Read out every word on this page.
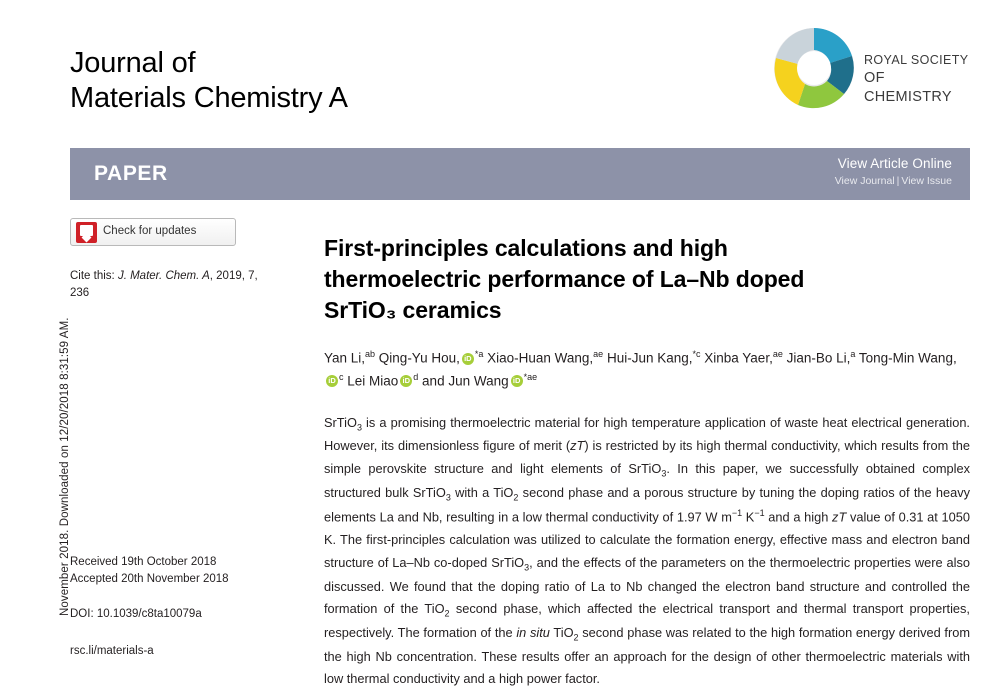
November 2018. Downloaded on 12/20/2018 8:31:59 AM.
Journal of
Materials Chemistry A
ROYAL SOCIETY
OF CHEMISTRY
PAPER	View Article Online
View Journal | View Issue
Check for updates
Cite this: J. Mater. Chem. A, 2019, 7,
236
Received 19th October 2018
Accepted 20th November 2018
DOI: 10.1039/c8ta10079a
rsc.li/materials-a
First-principles calculations and high
thermoelectric performance of La–Nb doped
SrTiO₃ ceramics
Yan Li,$^{ab}$ Qing-Yu Hou, iD $^{*a}$ Xiao-Huan Wang,$^{ae}$ Hui-Jun Kang,$^{*c}$ Xinba Yaer,$^{ae}$ Jian-Bo Li,$^a$ Tong-Min $Wang,iD^c$ Lei Miao iD $^d$ and Jun Wang iD $^{*ae}$
SrTiO$_3$ is a promising thermoelectric material for high temperature application of waste heat electrical generation. However, its dimensionless figure of merit (zT) is restricted by its high thermal conductivity, which results from the simple perovskite structure and light elements of SrTiO$_3$. In this paper, we successfully obtained complex structured bulk SrTiO$_3$ with a TiO$_2$ second phase and a porous structure by tuning the doping ratios of the heavy elements La and Nb, resulting in a low thermal conductivity of 1.97 W $m^{-1}$ $K^{-1}$ and a high zT value of 0.31 at 1050 K. The first-principles calculation was utilized to calculate the formation energy, effective mass and electron band structure of La–Nb co-doped SrTiO$_3$, and the effects of the parameters on the thermoelectric properties were also discussed. We found that the doping ratio of La to Nb changed the electron band structure and controlled the formation of the TiO$_2$ second phase, which affected the electrical transport and thermal transport properties, respectively. The formation of the in situ TiO$_2$ second phase was related to the high formation energy derived from the high Nb concentration. These results offer an approach for the design of other thermoelectric materials with low thermal conductivity and a high power factor.
